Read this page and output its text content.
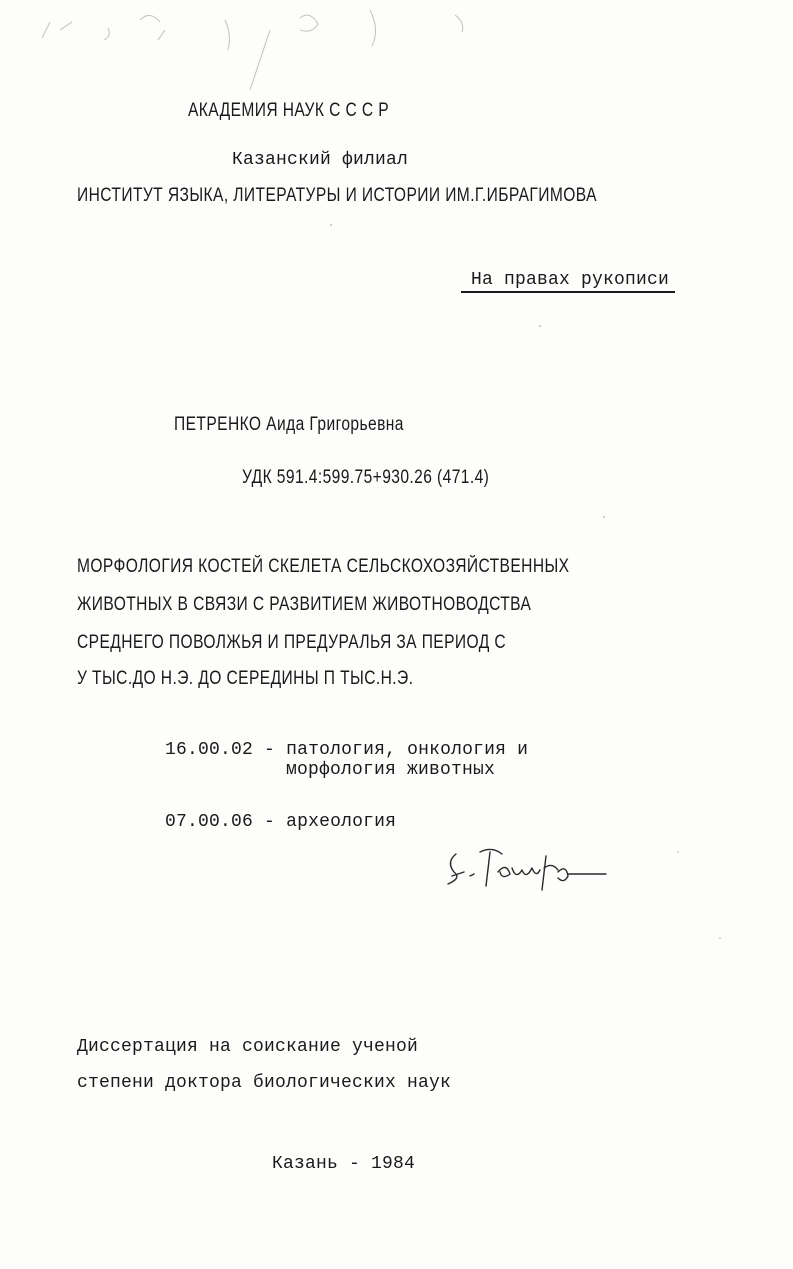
АКАДЕМИЯ НАУК С С С Р
Казанский филиал
ИНСТИТУТ ЯЗЫКА, ЛИТЕРАТУРЫ И ИСТОРИИ ИМ.Г.ИБРАГИМОВА
На правах рукописи
ПЕТРЕНКО Аида Григорьевна
УДК 591.4:599.75+930.26 (471.4)
МОРФОЛОГИЯ КОСТЕЙ СКЕЛЕТА СЕЛЬСКОХОЗЯЙСТВЕННЫХ
ЖИВОТНЫХ В СВЯЗИ С РАЗВИТИЕМ ЖИВОТНОВОДСТВА
СРЕДНЕГО ПОВОЛЖЬЯ И ПРЕДУРАЛЬЯ ЗА ПЕРИОД С
У ТЫС.ДО Н.Э. ДО СЕРЕДИНЫ П ТЫС.Н.Э.
16.00.02 - патология, онкология и
морфология животных
07.00.06 - археология
Диссертация на соискание ученой
степени доктора биологических наук
Казань - 1984
